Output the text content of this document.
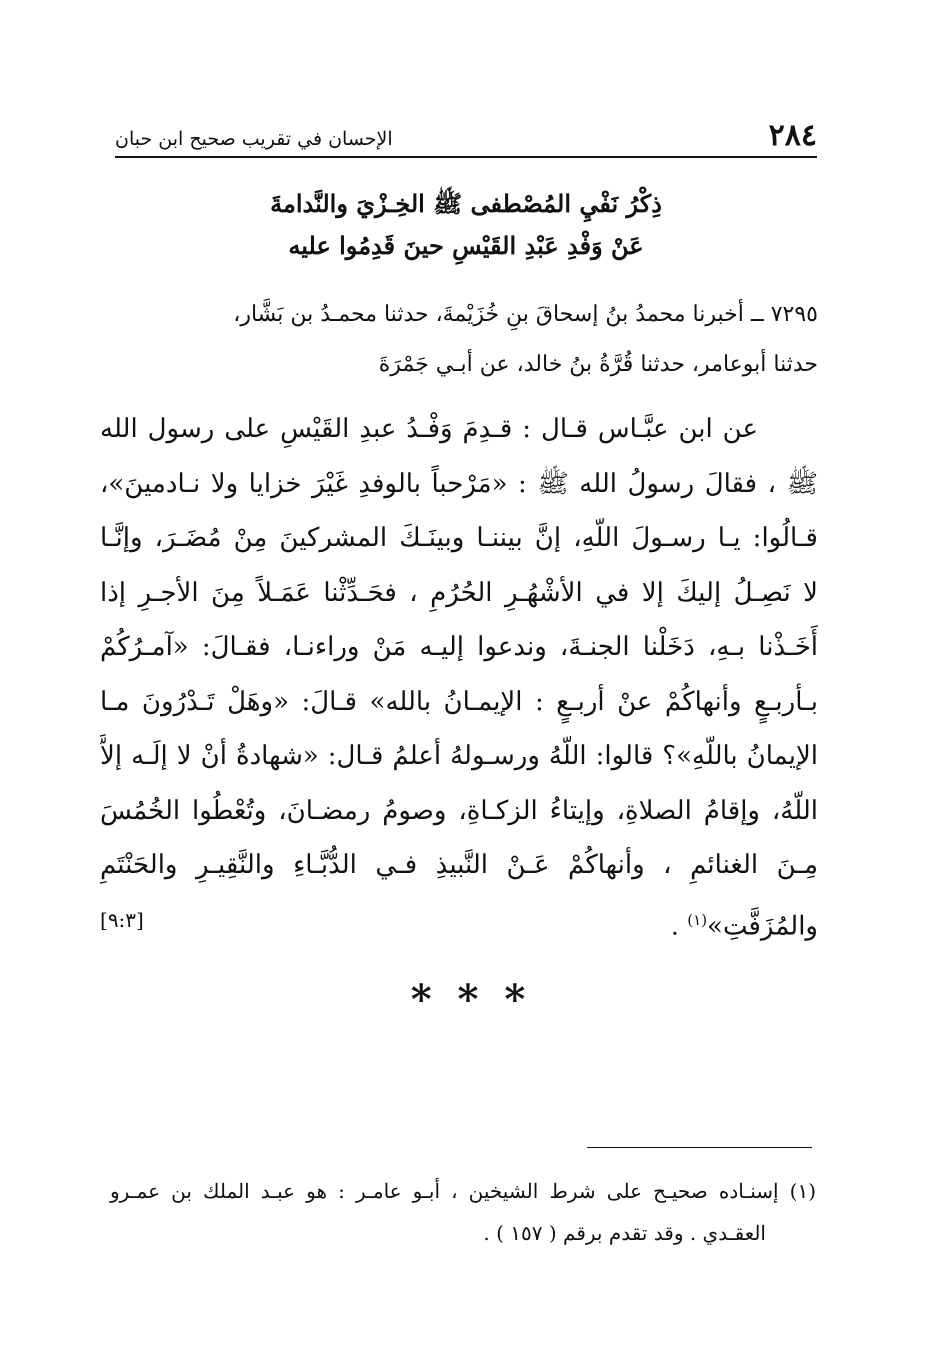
٢٨٤
الإحسان في تقريب صحيح ابن حبان
ذِكْرُ نَفْيِ المُصْطفى ﷺ الخِـزْيَ والنَّدامةَ
عَنْ وَفْدِ عَبْدِ القَيْسِ حينَ قَدِمُوا عليه
٧٢٩٥ ــ أخبرنا محمدُ بنُ إسحاقَ بنِ خُزَيْمةَ، حدثنا محمـدُ بن بَشَّار،
حدثنا أبوعامر، حدثنا قُرَّةُ بنُ خالد، عن أبـي جَمْرَةَ
عن ابن عبَّـاس قـال : قـدِمَ وَفْـدُ عبدِ القَيْسِ على رسول الله
ﷺ ، فقالَ رسولُ الله ﷺ : «مَرْحباً بالوفدِ غَيْرَ خزايا ولا نـادمينَ»،
قـالُوا: يـا رسـولَ اللّهِ، إنَّ بيننـا وبينَـكَ المشركينَ مِنْ مُضَـرَ، وإنَّـا
لا نَصِـلُ إليكَ إلا في الأشْهُـرِ الحُرُمِ ، فحَـدِّثْنا عَمَـلاً مِنَ الأجـرِ إذا
أَخَـذْنا بـهِ، دَخَلْنا الجنـةَ، وندعوا إليـه مَنْ وراءنـا، فقـالَ: «آمـرُكُمْ
بـأربـعٍ وأنهاكُمْ عنْ أربـعٍ : الإيمـانُ بالله» قـالَ: «وهَلْ تَـدْرُونَ مـا
الإيمانُ باللّهِ»؟ قالوا: اللّهُ ورسـولهُ أعلمُ قـال: «شهادةُ أنْ لا إلَـه إلاَّ
اللّهُ، وإقامُ الصلاةِ، وإيتاءُ الزكـاةِ، وصومُ رمضـانَ، وتُعْطُوا الخُمُسَ
مِـنَ الغنائمِ ، وأنهاكُمْ عَـنْ النَّبيذِ فـي الدُّبَّـاءِ والنَّقِيـرِ والحَنْتَمِ
والمُزَفَّتِ»$^{(١)}$ .
[٩:٣]
* * *
(١) إسنـاده صحيـح على شرط الشيخين ، أبـو عامـر : هو عبـد الملك بن عمـرو
العقـدي . وقد تقدم برقم ( ١٥٧ ) .
